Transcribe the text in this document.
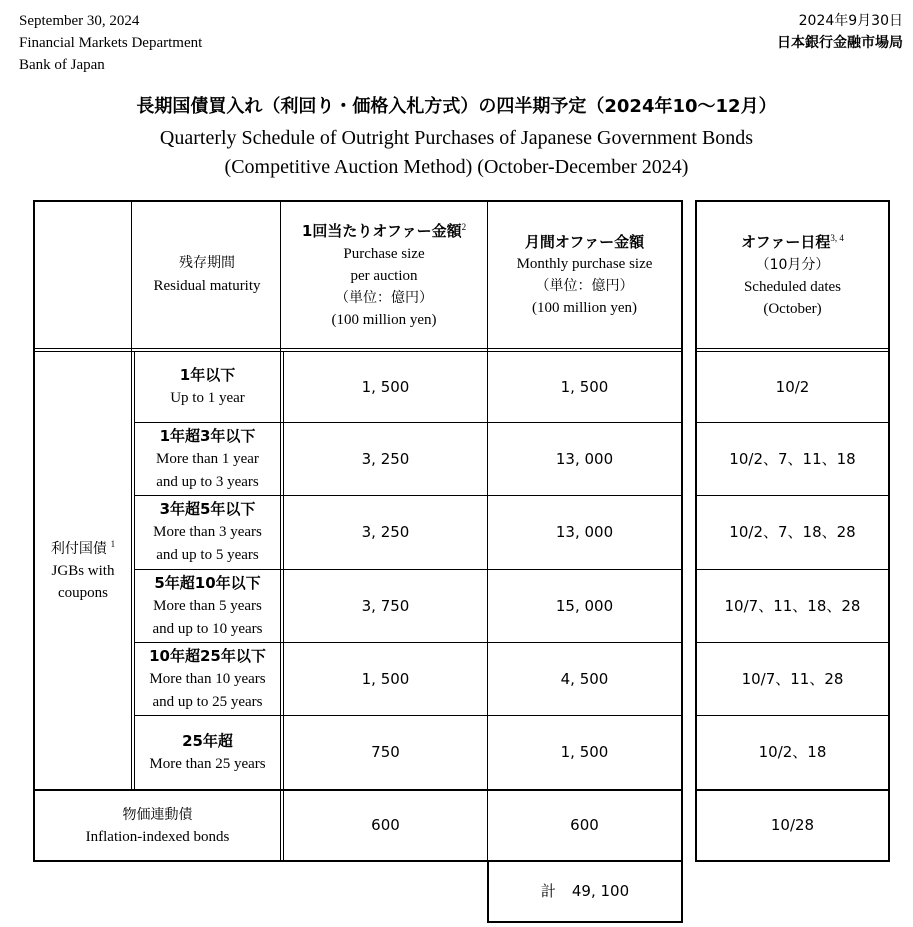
September 30, 2024
Financial Markets Department
Bank of Japan
2024年9月30日
日本銀行金融市場局
長期国債買入れ（利回り・価格入札方式）の四半期予定（2024年10〜12月）
Quarterly Schedule of Outright Purchases of Japanese Government Bonds
(Competitive Auction Method) (October-December 2024)
残存期間
Residual maturity
1回当たりオファー金額$^2$
Purchase size
per auction
（単位：億円）
(100 million yen)
月間オファー金額
Monthly purchase size
（単位：億円）
(100 million yen)
オファー日程$^{3, 4}$
（10月分）
Scheduled dates
(October)
利付国債 $^1$
JGBs with
coupons
1年以下
Up to 1 year
1, 500	1, 500	10/2
1年超3年以下
More than 1 year
and up to 3 years
3, 250	13, 000	10/2、7、11、18
3年超5年以下
More than 3 years
and up to 5 years
3, 250	13, 000	10/2、7、18、28
5年超10年以下
More than 5 years
and up to 10 years
3, 750	15, 000	10/7、11、18、28
10年超25年以下
More than 10 years
and up to 25 years
1, 500	4, 500	10/7、11、28
25年超
More than 25 years
750	1, 500	10/2、18
物価連動債
Inflation-indexed bonds
600	600	10/28
計 49, 100
